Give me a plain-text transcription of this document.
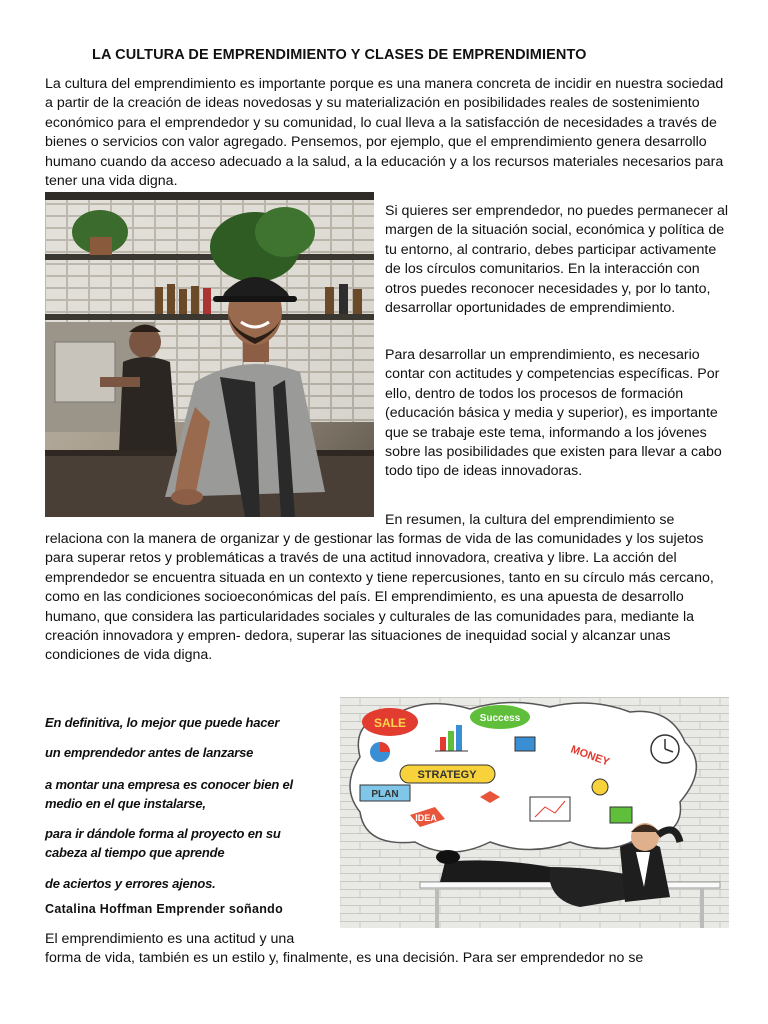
LA CULTURA DE EMPRENDIMIENTO Y CLASES DE EMPRENDIMIENTO

La cultura del emprendimiento es importante porque es una manera concreta de incidir en nuestra sociedad a partir de la creación de ideas novedosas y su materialización en posibilidades reales de sostenimiento económico para el emprendedor y su comunidad, lo cual lleva a la satisfacción de necesidades a través de bienes o servicios con valor agregado. Pensemos, por ejemplo, que el emprendimiento genera desarrollo humano cuando da acceso adecuado a la salud, a la educación y a los recursos materiales necesarios para tener una vida digna.

Si quieres ser emprendedor, no puedes permanecer al margen de la situación social, económica y política de tu entorno, al contrario, debes participar activamente de los círculos comunitarios. En la interacción con otros puedes reconocer necesidades y, por lo tanto, desarrollar oportunidades de emprendimiento.

Para desarrollar un emprendimiento, es necesario contar con actitudes y competencias específicas. Por ello, dentro de todos los procesos de formación (educación básica y media y superior), es importante que se trabaje este tema, informando a los jóvenes sobre las posibilidades que existen para llevar a cabo todo tipo de ideas innovadoras.

En resumen, la cultura del emprendimiento se

relaciona con la manera de organizar y de gestionar las formas de vida de las comunidades y los sujetos para superar retos y problemáticas a través de una actitud innovadora, creativa y libre. La acción del emprendedor se encuentra situada en un contexto y tiene repercusiones, tanto en su círculo más cercano, como en las condiciones socioeconómicas del país. El emprendimiento, es una apuesta de desarrollo humano, que considera las particularidades sociales y culturales de las comunidades para, mediante la creación innovadora y empren- dedora, superar las situaciones de inequidad social y alcanzar unas condiciones de vida digna.

En definitiva, lo mejor que puede hacer
un emprendedor antes de lanzarse
a montar una empresa es conocer bien el medio en el que instalarse,
para ir dándole forma al proyecto en su cabeza al tiempo que aprende
de aciertos y errores ajenos.
Catalina Hoffman Emprender soñando
SALE	Success
MONEY
STRATEGY
PLAN
IDEA
El emprendimiento es una actitud y una
forma de vida, también es un estilo y, finalmente, es una decisión. Para ser emprendedor no se
